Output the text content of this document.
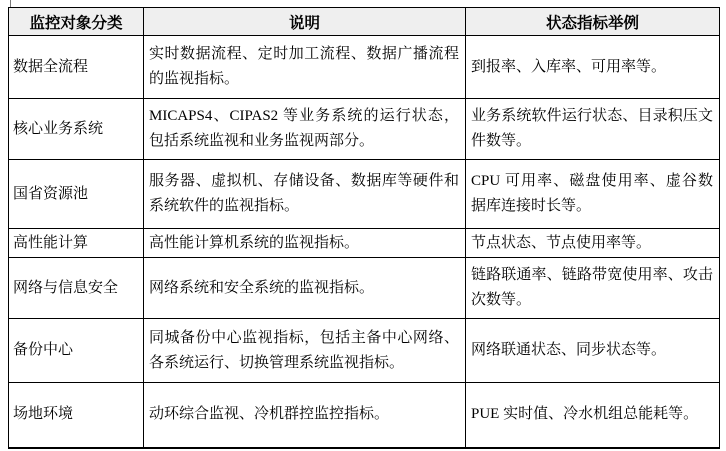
监控对象分类	说明	状态指标举例
数据全流程	实时数据流程、定时加工流程、数据广播流程的监视指标。	到报率、入库率、可用率等。
核心业务系统	MICAPS4、CIPAS2 等业务系统的运行状态，包括系统监视和业务监视两部分。	业务系统软件运行状态、目录积压文件数等。
国省资源池	服务器、虚拟机、存储设备、数据库等硬件和系统软件的监视指标。	CPU 可用率、磁盘使用率、虚谷数据库连接时长等。
高性能计算	高性能计算机系统的监视指标。	节点状态、节点使用率等。
网络与信息安全	网络系统和安全系统的监视指标。	链路联通率、链路带宽使用率、攻击次数等。
备份中心	同城备份中心监视指标，包括主备中心网络、各系统运行、切换管理系统监视指标。	网络联通状态、同步状态等。
场地环境	动环综合监视、冷机群控监控指标。	PUE 实时值、冷水机组总能耗等。
